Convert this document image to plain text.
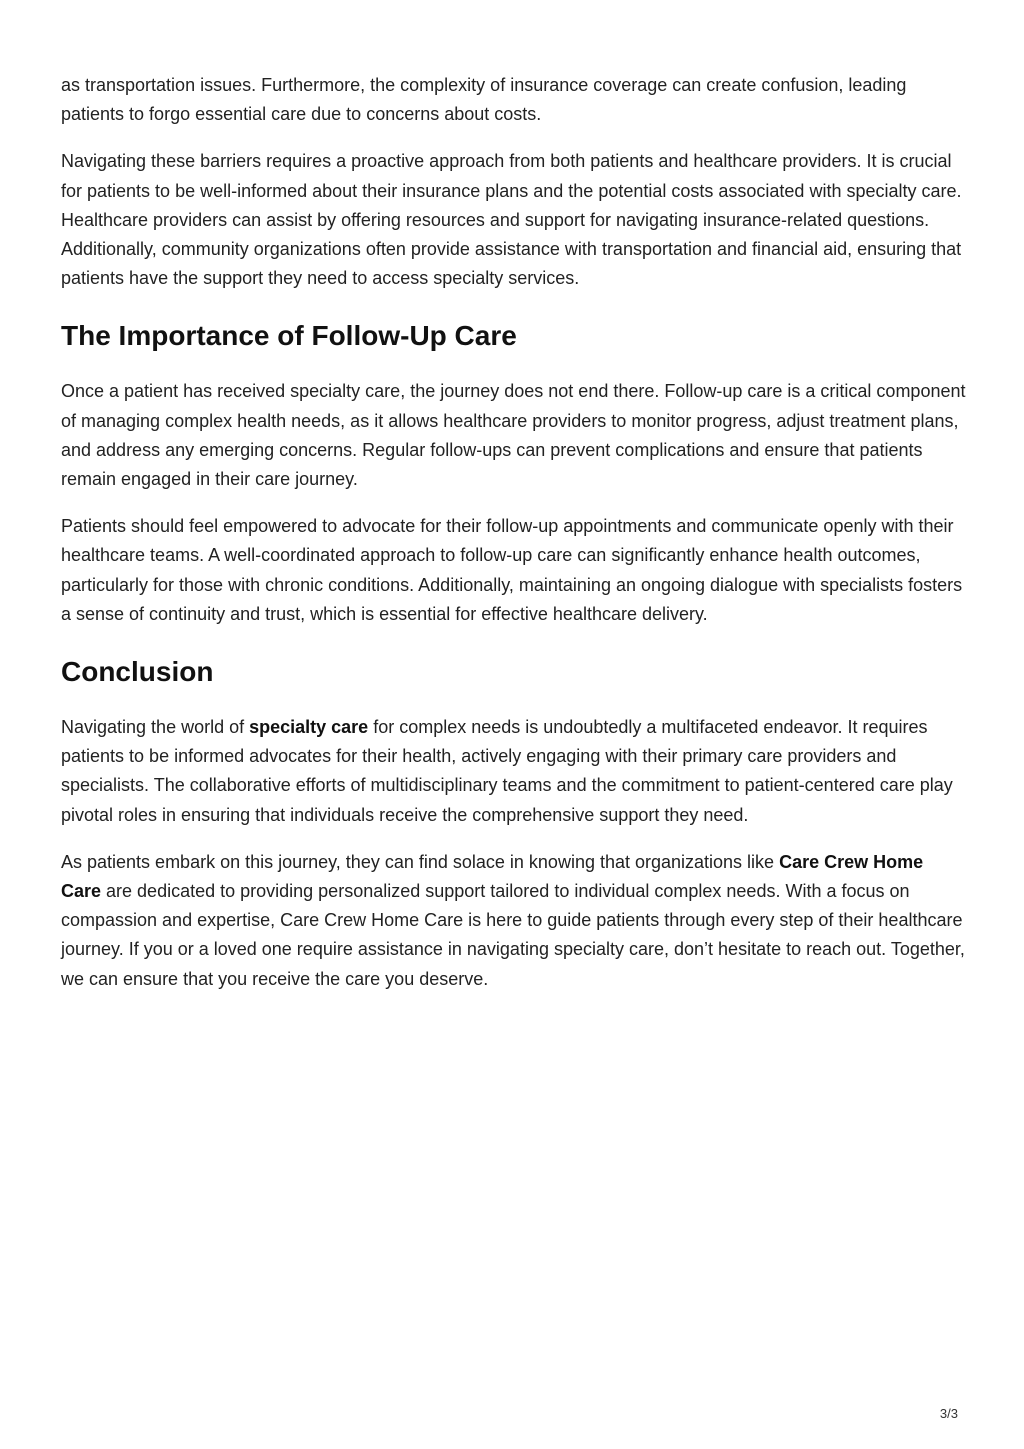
as transportation issues. Furthermore, the complexity of insurance coverage can create confusion, leading patients to forgo essential care due to concerns about costs.

Navigating these barriers requires a proactive approach from both patients and healthcare providers. It is crucial for patients to be well-informed about their insurance plans and the potential costs associated with specialty care. Healthcare providers can assist by offering resources and support for navigating insurance-related questions. Additionally, community organizations often provide assistance with transportation and financial aid, ensuring that patients have the support they need to access specialty services.

The Importance of Follow-Up Care

Once a patient has received specialty care, the journey does not end there. Follow-up care is a critical component of managing complex health needs, as it allows healthcare providers to monitor progress, adjust treatment plans, and address any emerging concerns. Regular follow-ups can prevent complications and ensure that patients remain engaged in their care journey.

Patients should feel empowered to advocate for their follow-up appointments and communicate openly with their healthcare teams. A well-coordinated approach to follow-up care can significantly enhance health outcomes, particularly for those with chronic conditions. Additionally, maintaining an ongoing dialogue with specialists fosters a sense of continuity and trust, which is essential for effective healthcare delivery.

Conclusion

Navigating the world of specialty care for complex needs is undoubtedly a multifaceted endeavor. It requires patients to be informed advocates for their health, actively engaging with their primary care providers and specialists. The collaborative efforts of multidisciplinary teams and the commitment to patient-centered care play pivotal roles in ensuring that individuals receive the comprehensive support they need.

As patients embark on this journey, they can find solace in knowing that organizations like Care Crew Home Care are dedicated to providing personalized support tailored to individual complex needs. With a focus on compassion and expertise, Care Crew Home Care is here to guide patients through every step of their healthcare journey. If you or a loved one require assistance in navigating specialty care, don’t hesitate to reach out. Together, we can ensure that you receive the care you deserve.

3/3
